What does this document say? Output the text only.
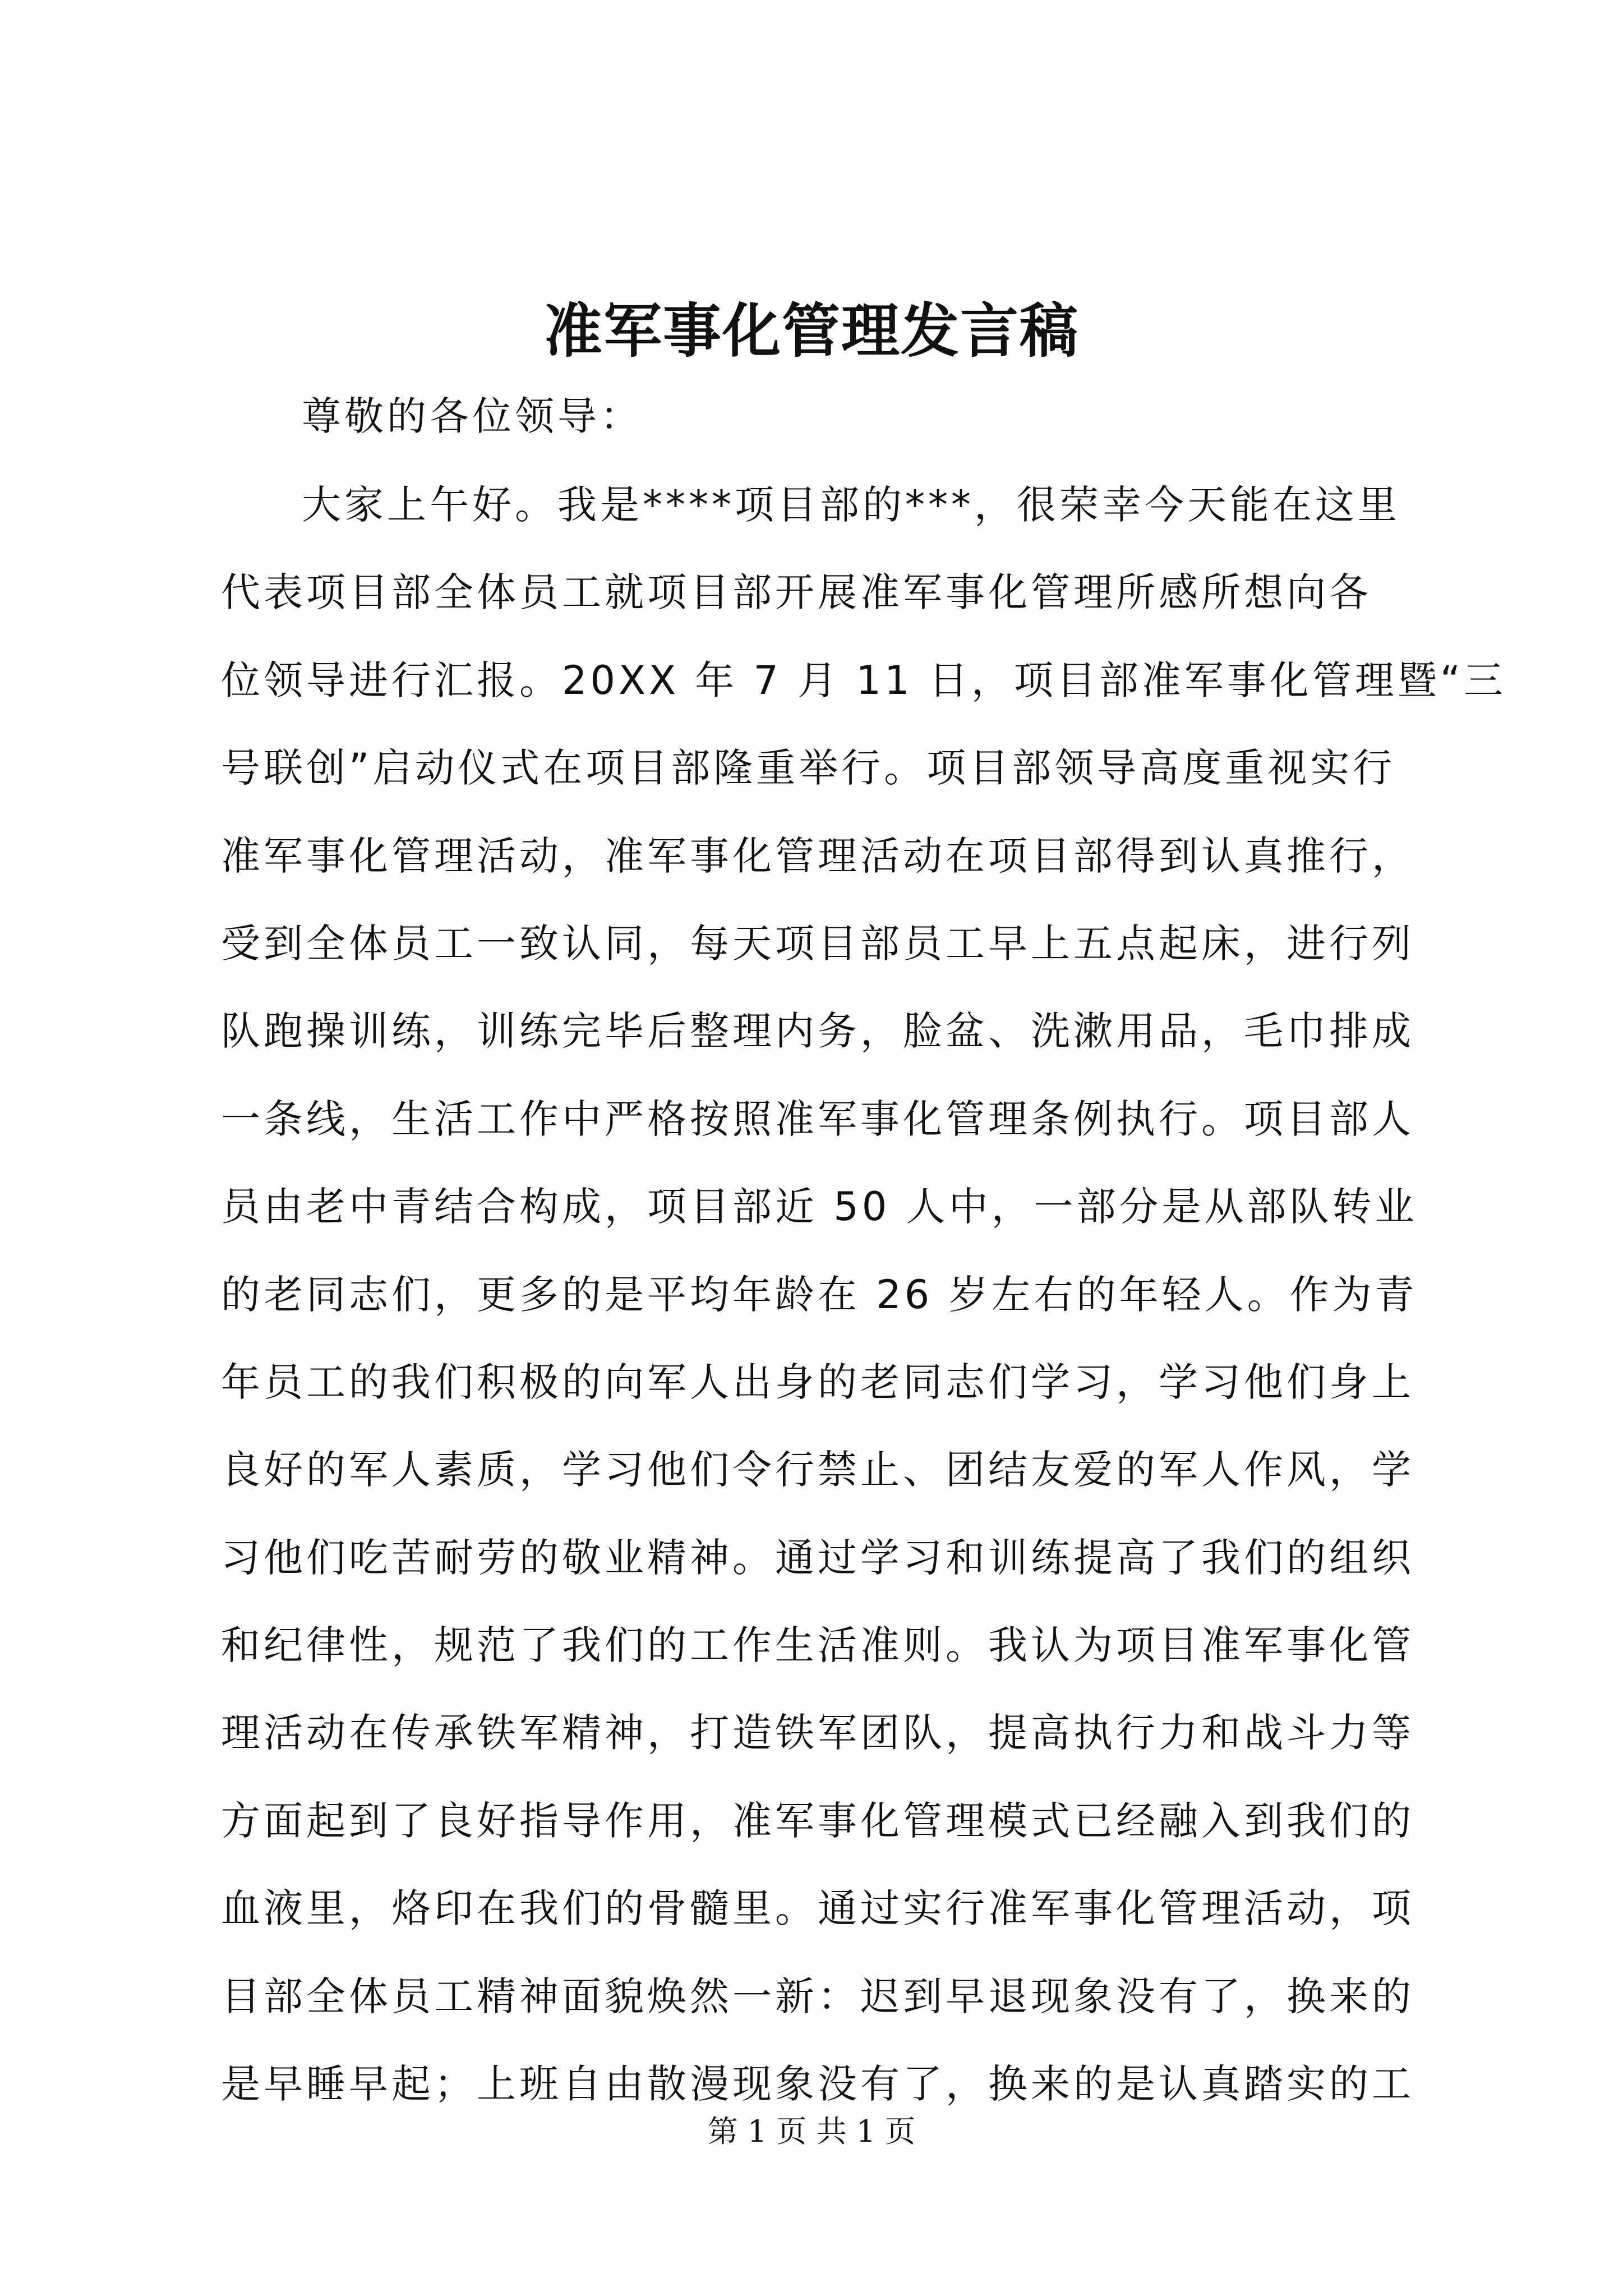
准军事化管理发言稿
尊敬的各位领导：
大家上午好。我是****项目部的***，很荣幸今天能在这里
代表项目部全体员工就项目部开展准军事化管理所感所想向各
位领导进行汇报。20XX 年 7 月 11 日，项目部准军事化管理暨“三
号联创”启动仪式在项目部隆重举行。项目部领导高度重视实行
准军事化管理活动，准军事化管理活动在项目部得到认真推行，
受到全体员工一致认同，每天项目部员工早上五点起床，进行列
队跑操训练，训练完毕后整理内务，脸盆、洗漱用品，毛巾排成
一条线，生活工作中严格按照准军事化管理条例执行。项目部人
员由老中青结合构成，项目部近 50 人中，一部分是从部队转业
的老同志们，更多的是平均年龄在 26 岁左右的年轻人。作为青
年员工的我们积极的向军人出身的老同志们学习，学习他们身上
良好的军人素质，学习他们令行禁止、团结友爱的军人作风，学
习他们吃苦耐劳的敬业精神。通过学习和训练提高了我们的组织
和纪律性，规范了我们的工作生活准则。我认为项目准军事化管
理活动在传承铁军精神，打造铁军团队，提高执行力和战斗力等
方面起到了良好指导作用，准军事化管理模式已经融入到我们的
血液里，烙印在我们的骨髓里。通过实行准军事化管理活动，项
目部全体员工精神面貌焕然一新：迟到早退现象没有了，换来的
是早睡早起；上班自由散漫现象没有了，换来的是认真踏实的工
第 1 页 共 1 页
